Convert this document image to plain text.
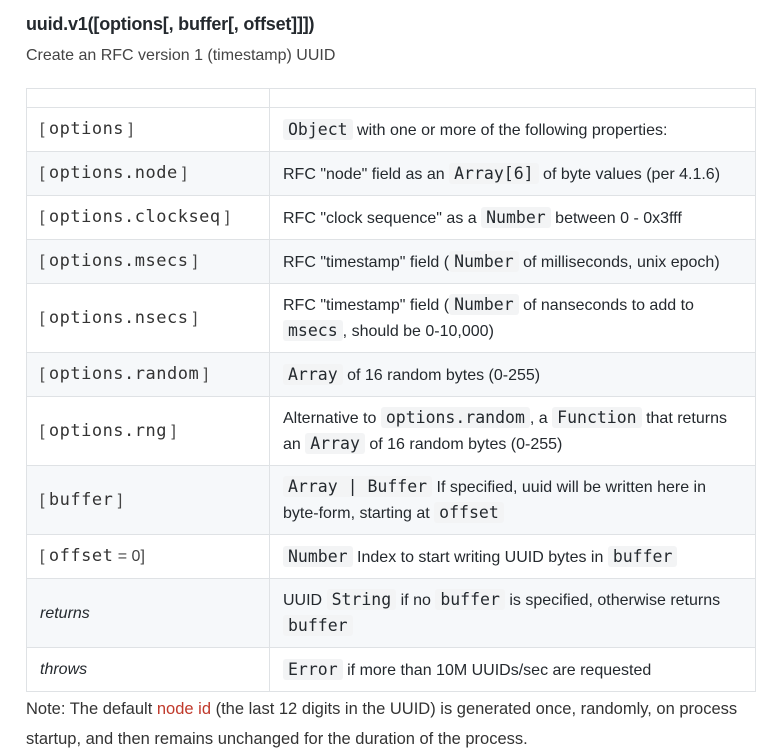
uuid.v1([options[, buffer[, offset]]])
Create an RFC version 1 (timestamp) UUID

[ options ]	Object with one or more of the following properties:
[ options.node ]	RFC "node" field as an Array[6] of byte values (per 4.1.6)
[ options.clockseq ]	RFC "clock sequence" as a Number between 0 - 0x3fff
[ options.msecs ]	RFC "timestamp" field ( Number of milliseconds, unix epoch)
[ options.nsecs ]	RFC "timestamp" field ( Number of nanseconds to add to msecs , should be 0-10,000)
[ options.random ]	Array of 16 random bytes (0-255)
[ options.rng ]	Alternative to options.random , a Function that returns an Array of 16 random bytes (0-255)
[ buffer ]	Array | Buffer If specified, uuid will be written here in byte-form, starting at offset
[ offset = 0]	Number Index to start writing UUID bytes in buffer
returns	UUID String if no buffer is specified, otherwise returns buffer
throws	Error if more than 10M UUIDs/sec are requested
Note: The default node id (the last 12 digits in the UUID) is generated once, randomly, on process startup, and then remains unchanged for the duration of the process.
